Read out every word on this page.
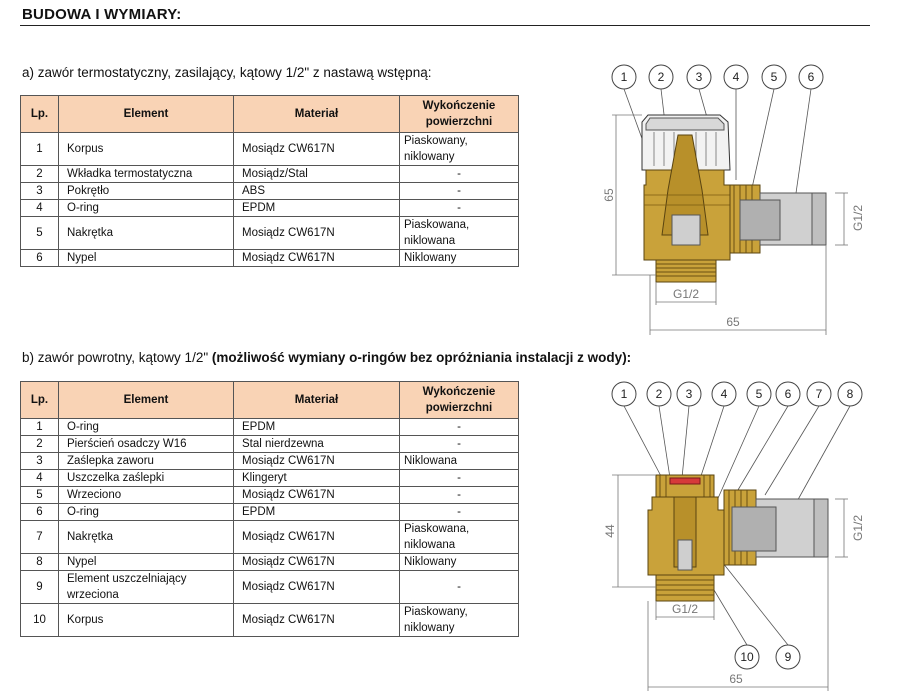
BUDOWA I WYMIARY:
a) zawór termostatyczny, zasilający, kątowy 1/2" z nastawą wstępną:
Lp.	Element	Materiał	Wykończenie powierzchni
1	Korpus	Mosiądz CW617N	Piaskowany, niklowany
2	Wkładka termostatyczna	Mosiądz/Stal	-
3	Pokrętło	ABS	-
4	O-ring	EPDM	-
5	Nakrętka	Mosiądz CW617N	Piaskowana, niklowana
6	Nypel	Mosiądz CW617N	Niklowany
1	2	3	4	5	6
65
G1/2
G1/2
65
b) zawór powrotny, kątowy 1/2" (możliwość wymiany o-ringów bez opróżniania instalacji z wody):
Lp.	Element	Materiał	Wykończenie powierzchni
1	O-ring	EPDM	-
2	Pierścień osadczy W16	Stal nierdzewna	-
3	Zaślepka zaworu	Mosiądz CW617N	Niklowana
4	Uszczelka zaślepki	Klingeryt	-
5	Wrzeciono	Mosiądz CW617N	-
6	O-ring	EPDM	-
7	Nakrętka	Mosiądz CW617N	Piaskowana, niklowana
8	Nypel	Mosiądz CW617N	Niklowany
9	Element uszczelniający wrzeciona	Mosiądz CW617N	-
10	Korpus	Mosiądz CW617N	Piaskowany, niklowany
1 2 3 4 5 6 7 8
10	9
44	G1/2
G1/2
65
